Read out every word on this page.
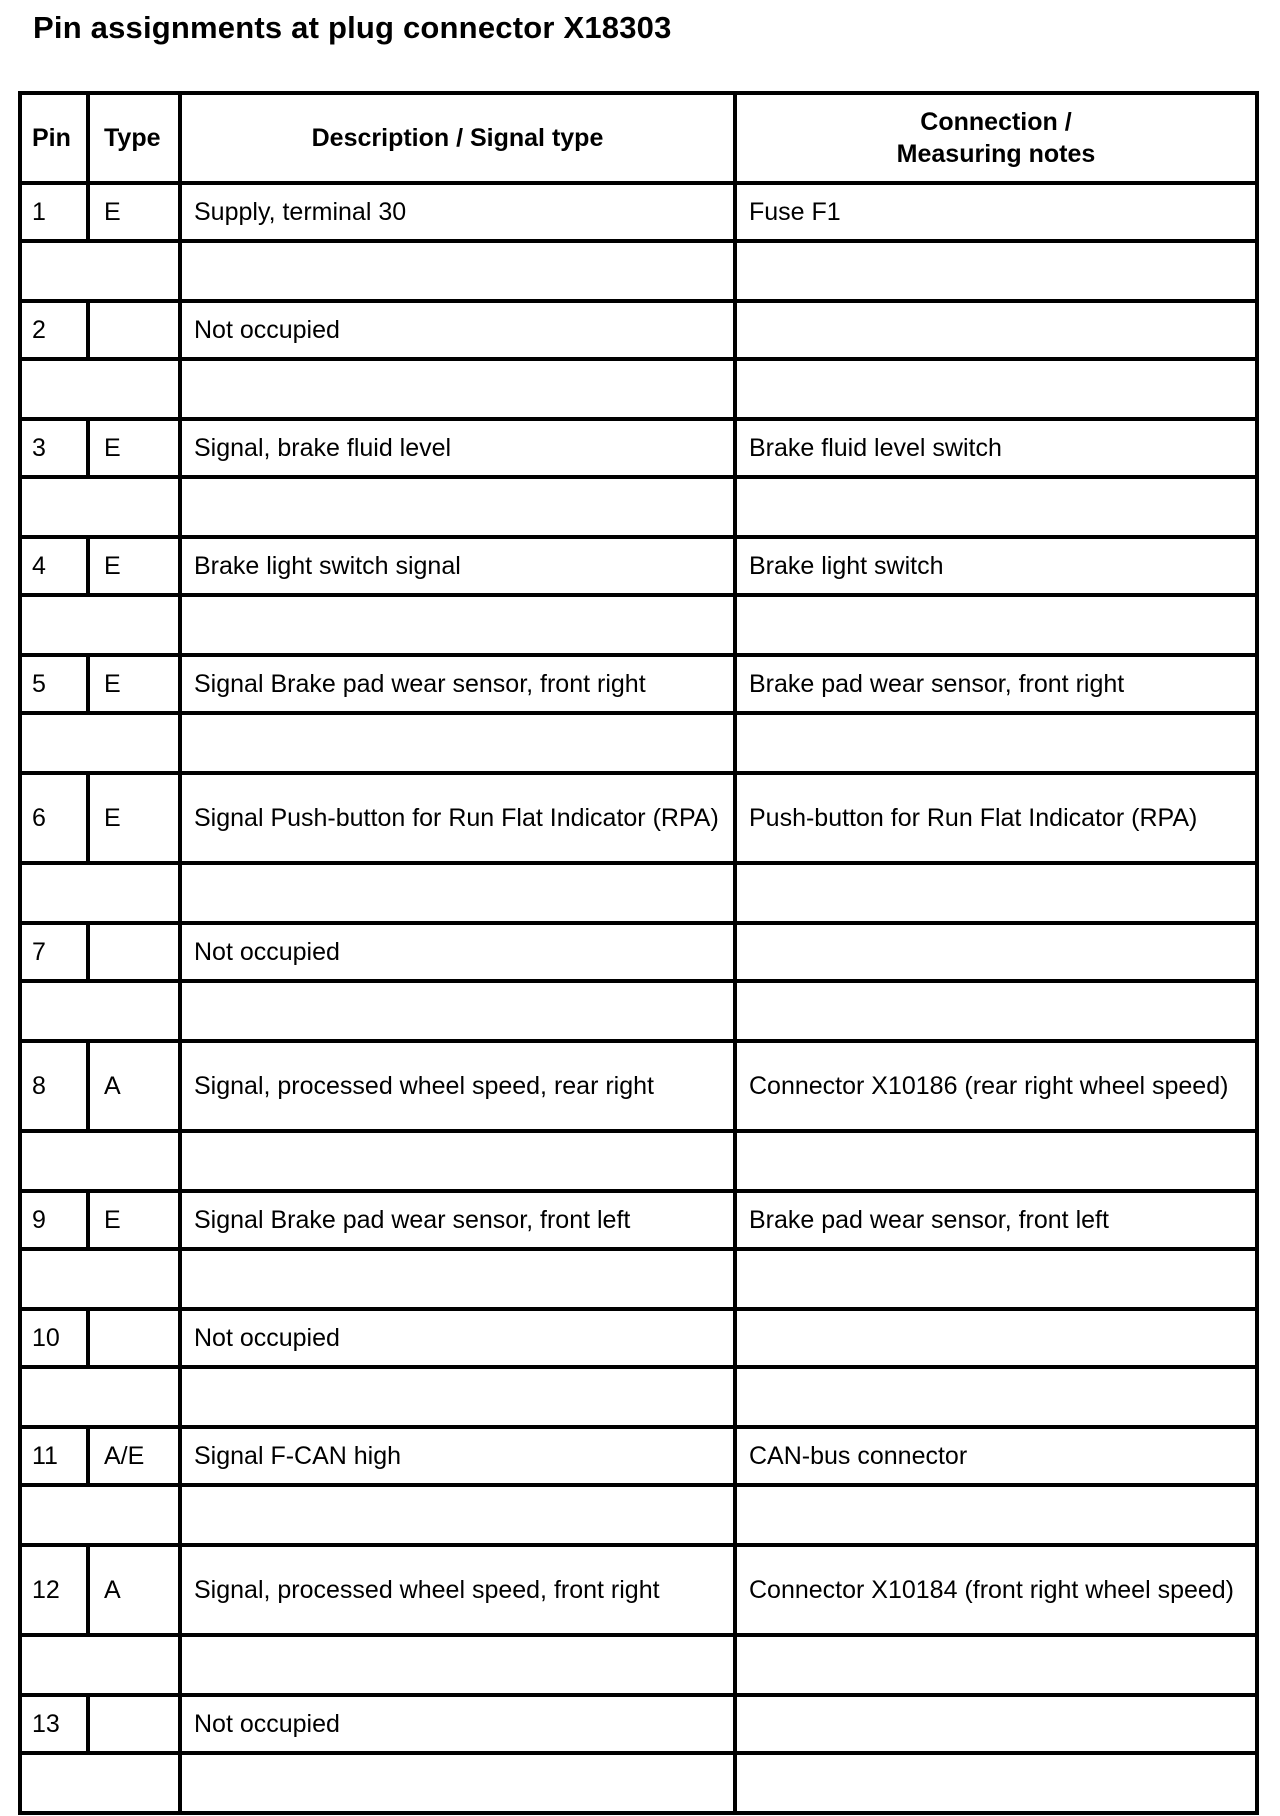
Pin assignments at plug connector X18303
Pin	Type	Description / Signal type	Connection /
Measuring notes

1	E	Supply, terminal 30	Fuse F1

2		Not occupied	

3	E	Signal, brake fluid level	Brake fluid level switch

4	E	Brake light switch signal	Brake light switch

5	E	Signal Brake pad wear sensor, front right	Brake pad wear sensor, front right

6	E	Signal Push-button for Run Flat Indicator (RPA)	Push-button for Run Flat Indicator (RPA)

7		Not occupied	

8	A	Signal, processed wheel speed, rear right	Connector X10186 (rear right wheel speed)

9	E	Signal Brake pad wear sensor, front left	Brake pad wear sensor, front left

10		Not occupied	

11	A/E	Signal F-CAN high	CAN-bus connector

12	A	Signal, processed wheel speed, front right	Connector X10184 (front right wheel speed)

13		Not occupied	
